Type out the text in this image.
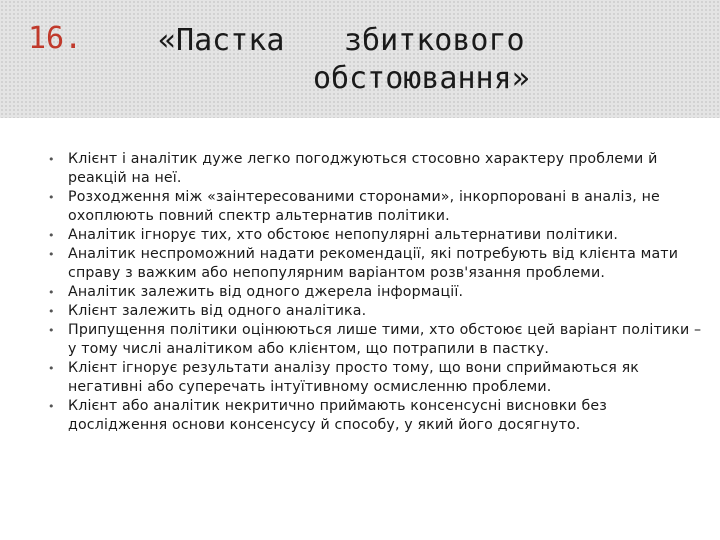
16.	«Пастка збиткового
обстоювання»
• Клієнт і аналітик дуже легко погоджуються стосовно характеру проблеми й реакцій на неї.
• Розходження між «заінтересованими сторонами», інкорпоровані в аналіз, не охоплюють повний спектр альтернатив політики.
• Аналітик ігнорує тих, хто обстоює непопулярні альтернативи політики.
• Аналітик неспроможний надати рекомендації, які потребують від клієнта мати справу з важким або непопулярним варіантом розв'язання проблеми.
• Аналітик залежить від одного джерела інформації.
• Клієнт залежить від одного аналітика.
• Припущення політики оцінюються лише тими, хто обстоює цей варіант політики – у тому числі аналітиком або клієнтом, що потрапили в пастку.
• Клієнт ігнорує результати аналізу просто тому, що вони сприймаються як негативні або суперечать інтуїтивному осмисленню проблеми.
• Клієнт або аналітик некритично приймають консенсусні висновки без дослідження основи консенсусу й способу, у який його досягнуто.
